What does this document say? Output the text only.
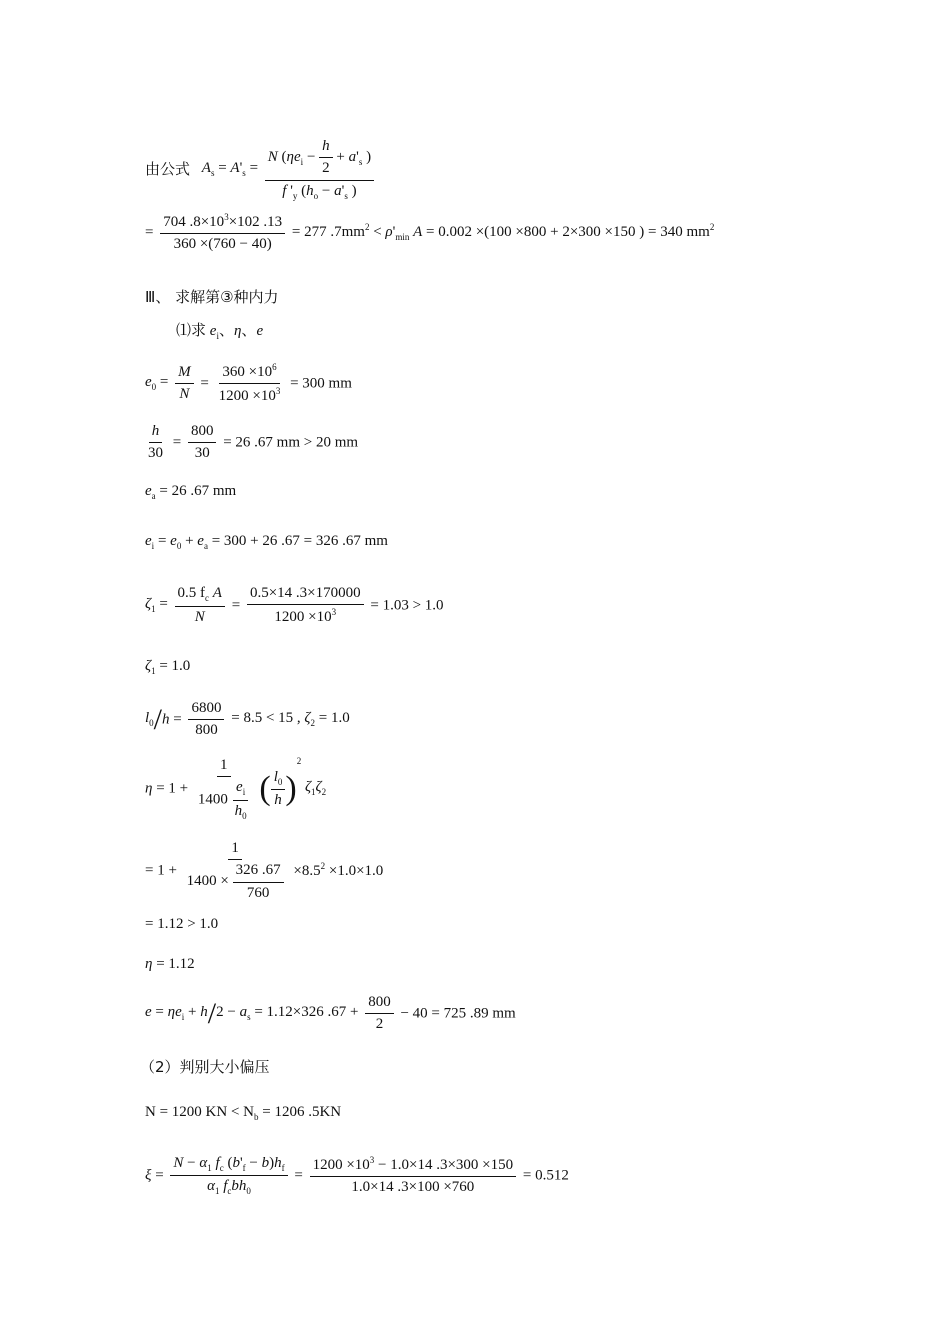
由公式 $A_s = A'_s = \frac{N (\eta e_i - \frac{h}{2} + a'_s )}{f '_y (h_o - a'_s )}$
= $\frac{704 .8\times 10^3\times 102 .13}{360 \times(760 - 40)} = 277$ $.7mm^2 < \rho'_{min}$ A = 0.002 ×(100 ×800 + 2×300 ×150 ) = 340 $mm^2$
Ⅲ、 求解第③种内力
⑴求 $e_i$、η、e
$e_0 = \frac{M}{N} = \frac{360 \times 10^6}{1200 \times 10^3} = 300$ mm
$\frac{h}{30} = \frac{800}{30} = 26$ .67 mm > 20 mm
$e_a = 26$ .67 mm
$e_i = e_0 + e_a = 300 + 26$ .67 = 326 .67 mm
$\zeta_1 = \frac{0.5 f_c A}{N} = \frac{0.5\times 14 .3\times 170000}{1200 \times 10^3} = 1.03 > 1.0$
$\zeta_1 = 1.0$
$l_0/h = \frac{6800}{800} = 8.5 < 15$ , $\zeta_2 = 1.0$
$\eta = 1 + \frac{1}{1400 \frac{e_i}{h_0}}$ ( $\frac{l_0}{h} )^2$ $\zeta_1\zeta_2$
= $1 + \frac{1}{1400 \times \frac{326 .67}{760}} \times 8.5^2 \times 1.0\times 1.0$
= 1.12 > 1.0
η = 1.12
$e = \eta e_i + h/2 - a_s = 1.12\times 326$ $.67 + \frac{800}{2} - 40 = 725$ .89 mm
（2）判别大小偏压
N = 1200 KN < $N_b = 1206$ .5KN
$\xi = \frac{N - \alpha_1 f_c (b'_f - b)h_f}{\alpha_1 f_cbh_0} = \frac{1200 \times 10^3 - 1.0\times 14 .3\times 300 \times 150}{1.0\times 14 .3\times 100 \times 760} = 0.512$
